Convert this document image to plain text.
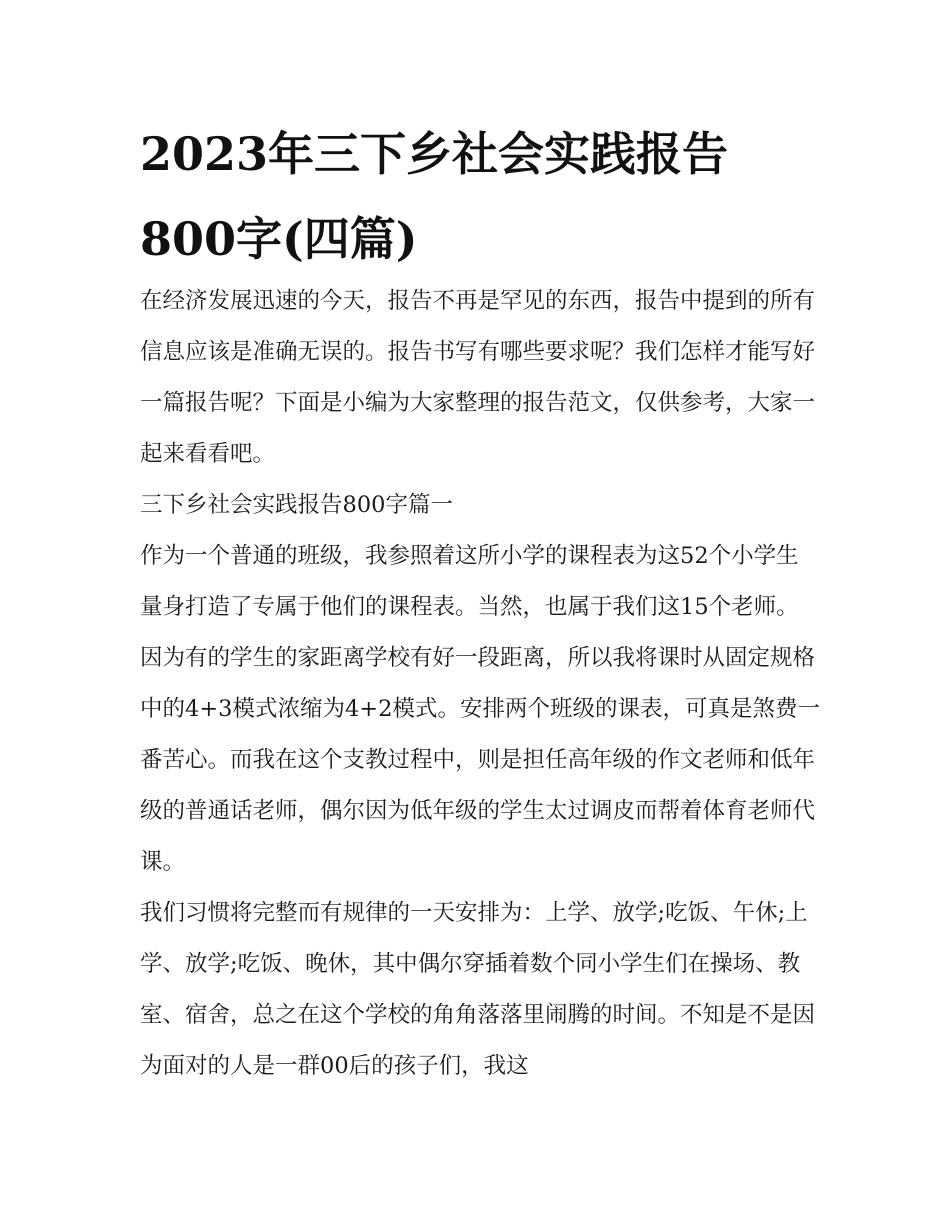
2023年三下乡社会实践报告800字(四篇)

在经济发展迅速的今天，报告不再是罕见的东西，报告中提到的所有信息应该是准确无误的。报告书写有哪些要求呢？我们怎样才能写好一篇报告呢？下面是小编为大家整理的报告范文，仅供参考，大家一起来看看吧。

三下乡社会实践报告800字篇一

作为一个普通的班级，我参照着这所小学的课程表为这52个小学生量身打造了专属于他们的课程表。当然，也属于我们这15个老师。因为有的学生的家距离学校有好一段距离，所以我将课时从固定规格中的4+3模式浓缩为4+2模式。安排两个班级的课表，可真是煞费一番苦心。而我在这个支教过程中，则是担任高年级的作文老师和低年级的普通话老师，偶尔因为低年级的学生太过调皮而帮着体育老师代课。

我们习惯将完整而有规律的一天安排为：上学、放学;吃饭、午休;上学、放学;吃饭、晚休，其中偶尔穿插着数个同小学生们在操场、教室、宿舍，总之在这个学校的角角落落里闹腾的时间。不知是不是因为面对的人是一群00后的孩子们，我这
